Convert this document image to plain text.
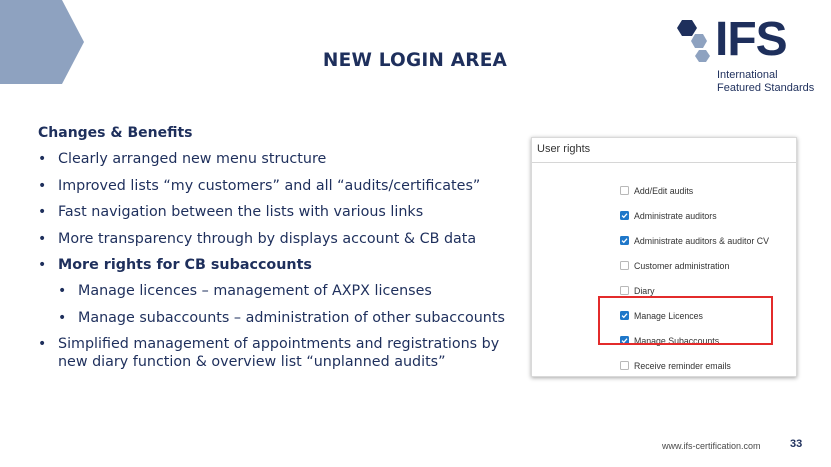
NEW LOGIN AREA	IFS
International
Featured Standards
Changes & Benefits
• Clearly arranged new menu structure
• Improved lists “my customers” and all “audits/certificates”
• Fast navigation between the lists with various links
• More transparency through by displays account & CB data
• More rights for CB subaccounts
• Manage licences – management of AXPX licenses
• Manage subaccounts – administration of other subaccounts
• Simplified management of appointments and registrations by new diary function & overview list “unplanned audits”
User rights
Add/Edit audits
Administrate auditors
Administrate auditors & auditor CV
Customer administration
Diary
Manage Licences
Manage Subaccounts
Receive reminder emails
www.ifs-certification.com	33
